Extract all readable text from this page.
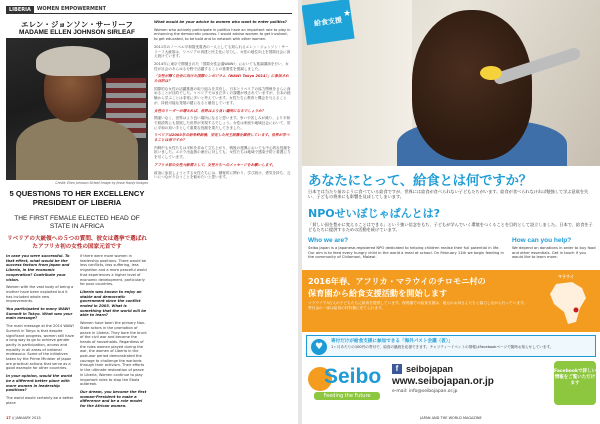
LIBERIA	WOMEN EMPOWERMENT
エレン・ジョンソン・サーリーフ
MADAME ELLEN JOHNSON SIRLEAF
Credit: Ellen Johnson Sirleaf Image by Jesse Hardy Images
5 QUESTIONS TO HER EXCELLENCY PRESIDENT OF LIBERIA
THE FIRST FEMALE ELECTED HEAD OF STATE IN AFRICA
リベリアの大統領への５つの質問、彼女は選挙で選ばれたアフリカ初の女性の国家元首です

In case you were successful. To that effect, what would be the success factors from Japan and Liberia, in the economic cooperation? Contribute your vision.

Women with the vast body of being a mother have been exploited but it has included whole new improvements.

You participated to many WAW! Summit in Tokyo. What was your main message?

The main message at the 2014 WAW! Summit in Tokyo is that despite significant progress, women still have a long way to go to achieve gender parity in participation, access and equality in all areas of national endeavour. Some of the initiatives taken by the Prime Minister of Japan are practical actions that serve as a good example for other countries.

In your opinion, would the world be a different better place with more women in leadership positions?

The world would certainly be a better place

if there were more women in leadership positions. There would be less conflicts, less suffering, less migration and a more peaceful world that experiences a higher level of economic development, particularly for poor countries.

Liberia was known to enjoy an stable and democratic government since the conflict ended in 2003. What is something that the world will be able to learn?

Women have been the primary Non-State actors in the promotion of peace in Liberia. They bore the brunt of the civil war and became the heads of households. Regardless of the roles women played during the war, the women of Liberia in the post-war period demonstrated the courage to challenge the warlords through their activism. Their efforts in the ultimate restoration of peace in Liberia, Women continue to play important roles to stop the Ebola outbreak.

Our dream, you become the first woman-President to make a difference and be a role model for the African women.

What would be your advice to women who want to enter politics?

Women who actively participate in politics have an important role to play in enhancing the democratic process. I would advise women to get involved, to get educated, to be bold and to network with other women.

2011年のノーベル平和賞受賞者の一人としても知られるエレン・ジョンソン・サーリーフ大統領は、リベリアの再建と民主化に尽力し、女性の地位向上を国際社会に訴え続けています。

2014年に東京で開催された「国際女性会議WAW!」においても基調講演を行い、女性が社会のあらゆる分野で活躍することの重要性を強調しました。

「女性が輝く社会に向けた国際シンポジウム（WAW! Tokyo 2014）」に参加された目的は？

国際的な女性の活躍推進の取り組みを共有し、日本とリベリアの協力関係をさらに深めることが目的でした。リベリアではまだ多くの課題が残されていますが、日本の経験から学ぶことは非常に多いと考えています。女性たちに教育と機会を与えることが、持続可能な発展の鍵になると確信しています。

女性のリーダーが増えれば、世界はより良い場所になるでしょうか？

間違いなく、世界はより良い場所になると思います。争いや苦しみが減り、より平和で経済的にも発展した世界が実現するでしょう。女性は家庭や地域社会において、常に平和の担い手として重要な役割を果たしてきました。

リベリアは2003年の紛争終結後、安定した民主政権を維持しています。世界が学べることは何ですか？

内戦中も女性たちは平和を求めて立ち上がり、戦後の復興においても中心的な役割を担いました。エボラ出血熱の流行に対しても、女性たちは地域で感染予防と看護に力を尽くしています。

アフリカ初の女性大統領として、女性たちへのメッセージをお願いします。

政治に参加しようとする女性たちには、積極的に関わり、学び続け、勇気を持ち、互いにつながり合うことを勧めたいと思います。

17 // JANUARY 2015
給食支援
★
あなたにとって、給食とは何ですか？
日本では当たり前のように食べている給食ですが、世界には給食が食べられない子どもたちがいます。給食が食べられなければ勉強して学ぶ意欲を失い、子どもの将来にも影響を及ぼしてしまいます。
NPOせいぼじゃぱんとは?
「貧しい国を豊かに変えることはできる」という強い信念をもち、子どもが学んでいく環境をつくることを目的として設立しました。日本で、給食を子どもたちに提供するための活動を続けています。
Who we are?
Seibo Japan is a Japanese-registered NPO dedicated to helping children realise their full potential in life. Our aim is to feed every hungry child in the world a meal at school. On February 11th we begin feeding in the community of Chilomoni, Malawi.
How can you help?
We depend on donations in order to buy food and other essentials. Get in touch if you would like to learn more.
2016年春、アフリカ・マラウイのチロモニ村の
保育園から給食支援活動を開始します
マラウイで3万人の子どもたちに給食を提供しています。保育園での給食支援は、地元のお母さんたちと協力しながら行っています。寄付金の一部は給食の材料費に充てられます。
マラウイ
♥
寄付だけが給食支援に参加できる「海外パスト会議（仮）」
1ヶ月あたりの100円の寄付で、給食の継続を応援できます。チャリティーイベントの情報はFacebookページで随時お知らせしています。
Seibo
Feeding the Future
f seibojapan
www.seibojapan.or.jp
e-mail: info@seibojapan.or.jp
Facebookで詳しい情報をご覧いただけます
JAPAN AND THE WORLD MAGAZINE
